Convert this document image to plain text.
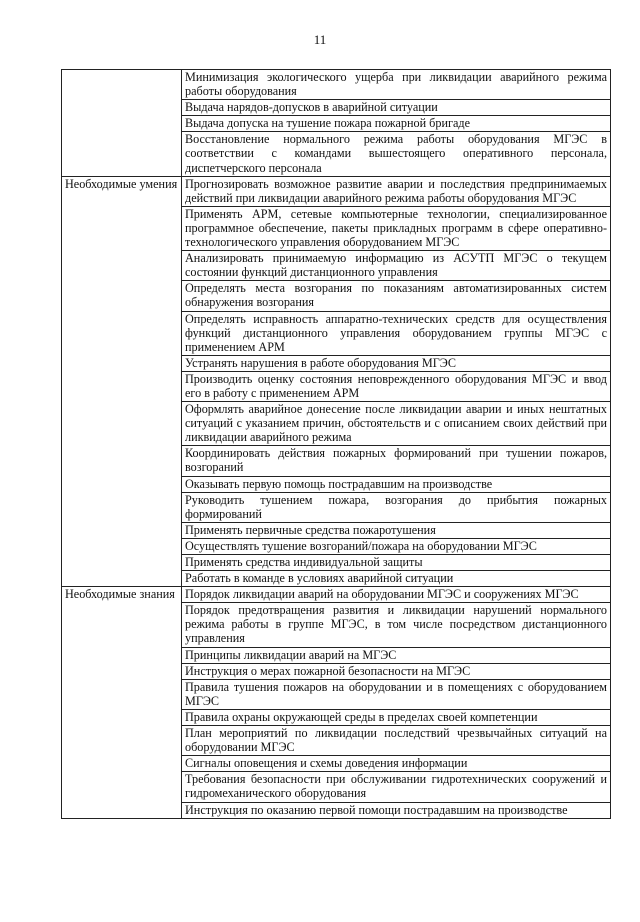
11
	Минимизация экологического ущерба при ликвидации аварийного режима работы оборудования
	Выдача нарядов-допусков в аварийной ситуации
	Выдача допуска на тушение пожара пожарной бригаде
	Восстановление нормального режима работы оборудования МГЭС в соответствии с командами вышестоящего оперативного персонала, диспетчерского персонала
Необходимые умения	Прогнозировать возможное развитие аварии и последствия предпринимаемых действий при ликвидации аварийного режима работы оборудования МГЭС
	Применять АРМ, сетевые компьютерные технологии, специализированное программное обеспечение, пакеты прикладных программ в сфере оперативно-технологического управления оборудованием МГЭС
	Анализировать принимаемую информацию из АСУТП МГЭС о текущем состоянии функций дистанционного управления
	Определять места возгорания по показаниям автоматизированных систем обнаружения возгорания
	Определять исправность аппаратно-технических средств для осуществления функций дистанционного управления оборудованием группы МГЭС с применением АРМ
	Устранять нарушения в работе оборудования МГЭС
	Производить оценку состояния неповрежденного оборудования МГЭС и ввод его в работу с применением АРМ
	Оформлять аварийное донесение после ликвидации аварии и иных нештатных ситуаций с указанием причин, обстоятельств и с описанием своих действий при ликвидации аварийного режима
	Координировать действия пожарных формирований при тушении пожаров, возгораний
	Оказывать первую помощь пострадавшим на производстве
	Руководить тушением пожара, возгорания до прибытия пожарных формирований
	Применять первичные средства пожаротушения
	Осуществлять тушение возгораний/пожара на оборудовании МГЭС
	Применять средства индивидуальной защиты
	Работать в команде в условиях аварийной ситуации
Необходимые знания	Порядок ликвидации аварий на оборудовании МГЭС и сооружениях МГЭС
	Порядок предотвращения развития и ликвидации нарушений нормального режима работы в группе МГЭС, в том числе посредством дистанционного управления
	Принципы ликвидации аварий на МГЭС
	Инструкция о мерах пожарной безопасности на МГЭС
	Правила тушения пожаров на оборудовании и в помещениях с оборудованием МГЭС
	Правила охраны окружающей среды в пределах своей компетенции
	План мероприятий по ликвидации последствий чрезвычайных ситуаций на оборудовании МГЭС
	Сигналы оповещения и схемы доведения информации
	Требования безопасности при обслуживании гидротехнических сооружений и гидромеханического оборудования
	Инструкция по оказанию первой помощи пострадавшим на производстве
